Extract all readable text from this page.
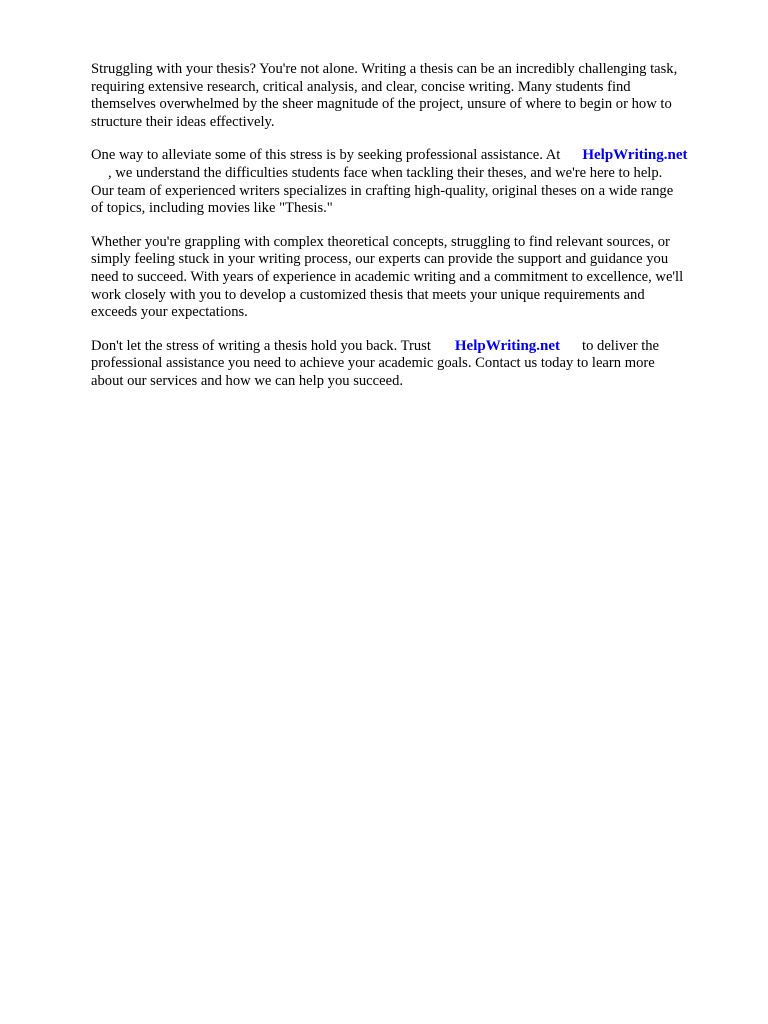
Struggling with your thesis? You're not alone. Writing a thesis can be an incredibly challenging task,
requiring extensive research, critical analysis, and clear, concise writing. Many students find
themselves overwhelmed by the sheer magnitude of the project, unsure of where to begin or how to
structure their ideas effectively.
One way to alleviate some of this stress is by seeking professional assistance. At HelpWriting.net
, we understand the difficulties students face when tackling their theses, and we're here to help.
Our team of experienced writers specializes in crafting high-quality, original theses on a wide range
of topics, including movies like "Thesis."
Whether you're grappling with complex theoretical concepts, struggling to find relevant sources, or
simply feeling stuck in your writing process, our experts can provide the support and guidance you
need to succeed. With years of experience in academic writing and a commitment to excellence, we'll
work closely with you to develop a customized thesis that meets your unique requirements and
exceeds your expectations.
Don't let the stress of writing a thesis hold you back. Trust HelpWriting.net to deliver the
professional assistance you need to achieve your academic goals. Contact us today to learn more
about our services and how we can help you succeed.
